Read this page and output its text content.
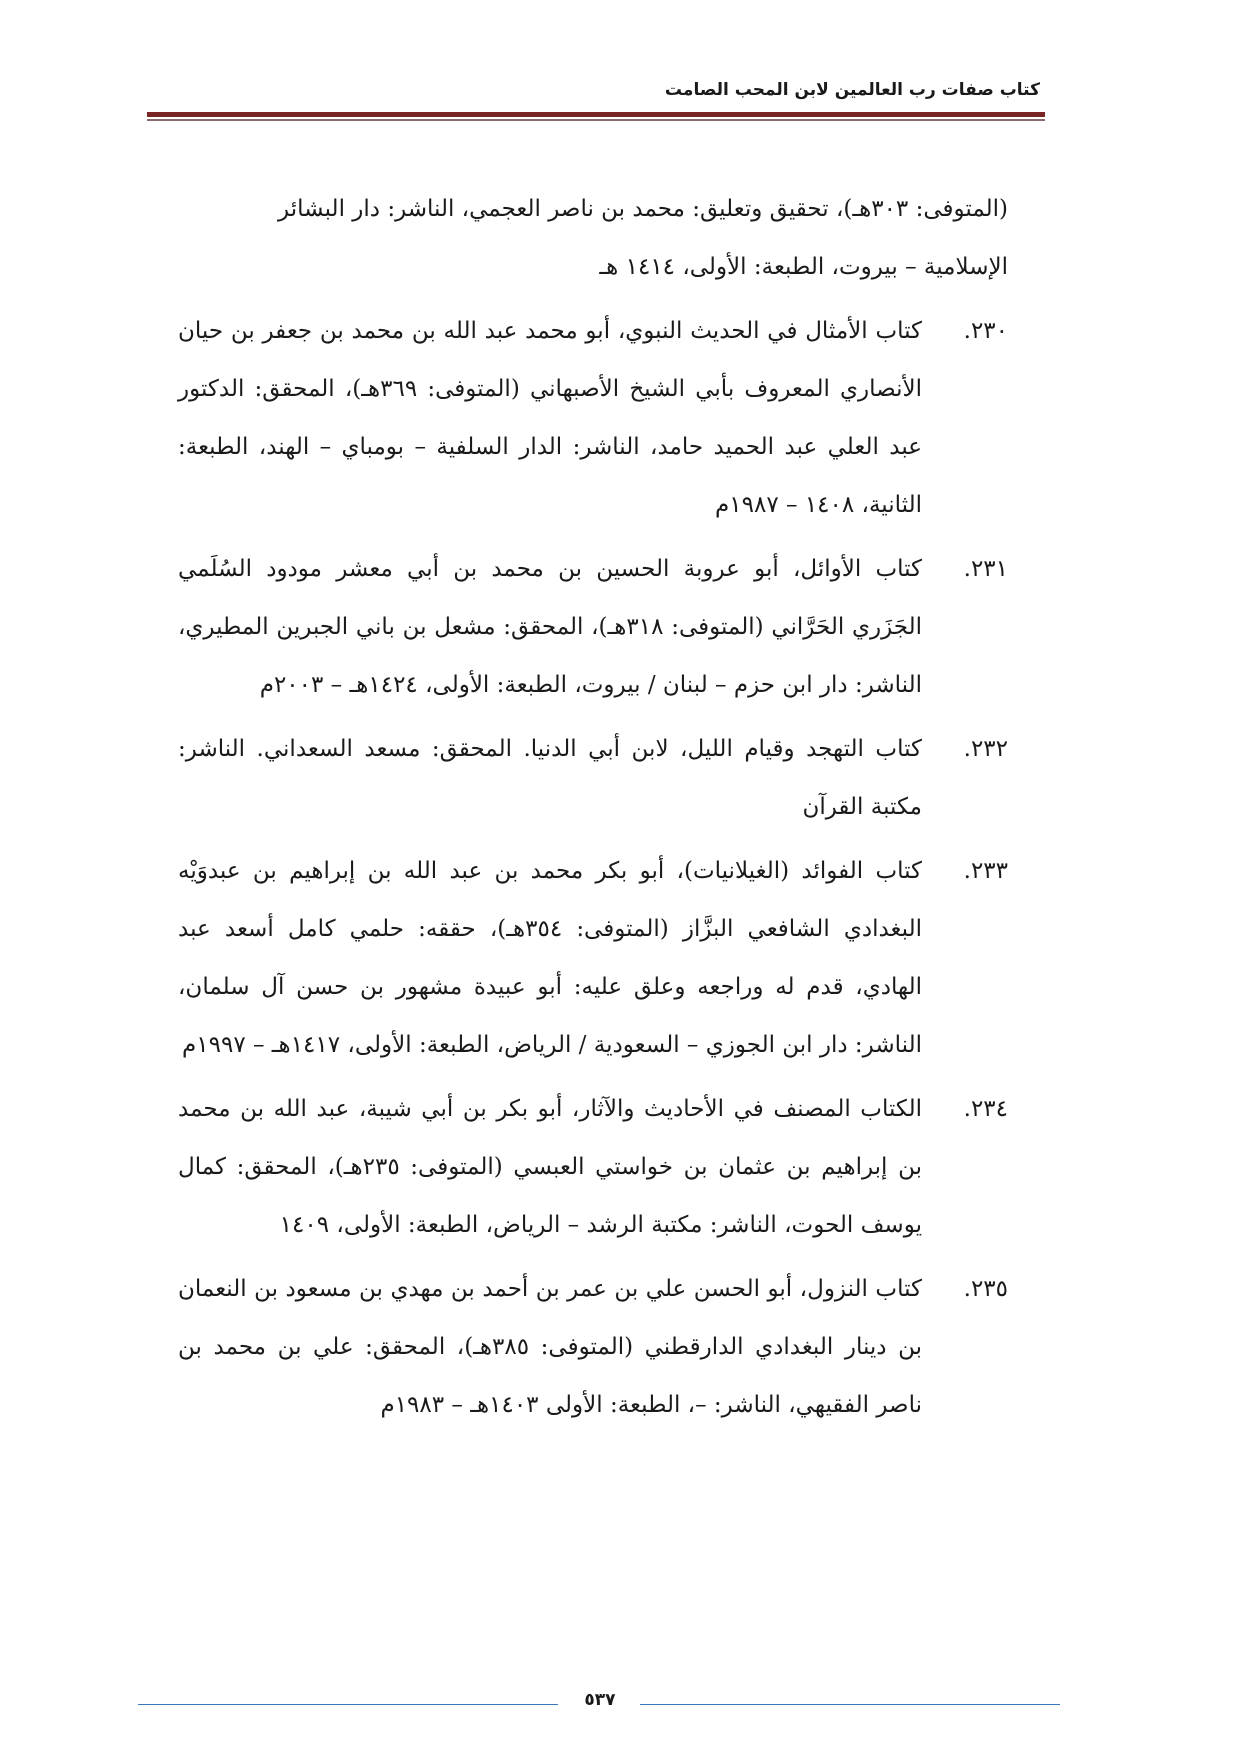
كتاب صفات رب العالمين لابن المحب الصامت
(المتوفى: ٣٠٣هـ)، تحقيق وتعليق: محمد بن ناصر العجمي، الناشر: دار البشائر
الإسلامية – بيروت، الطبعة: الأولى، ١٤١٤ هـ
٢٣٠.
كتاب الأمثال في الحديث النبوي، أبو محمد عبد الله بن محمد بن جعفر بن حيان الأنصاري المعروف بأبي الشيخ الأصبهاني (المتوفى: ٣٦٩هـ)، المحقق: الدكتور عبد العلي عبد الحميد حامد، الناشر: الدار السلفية – بومباي – الهند، الطبعة: الثانية، ١٤٠٨ – ١٩٨٧م
٢٣١.
كتاب الأوائل، أبو عروبة الحسين بن محمد بن أبي معشر مودود السُلَمي الجَزَري الحَرَّاني (المتوفى: ٣١٨هـ)، المحقق: مشعل بن باني الجبرين المطيري، الناشر: دار ابن حزم – لبنان / بيروت، الطبعة: الأولى، ١٤٢٤هـ – ٢٠٠٣م
٢٣٢.
كتاب التهجد وقيام الليل، لابن أبي الدنيا. المحقق: مسعد السعداني. الناشر: مكتبة القرآن
٢٣٣.
كتاب الفوائد (الغيلانيات)، أبو بكر محمد بن عبد الله بن إبراهيم بن عبدوَيْه البغدادي الشافعي البزَّاز (المتوفى: ٣٥٤هـ)، حققه: حلمي كامل أسعد عبد الهادي، قدم له وراجعه وعلق عليه: أبو عبيدة مشهور بن حسن آل سلمان، الناشر: دار ابن الجوزي – السعودية / الرياض، الطبعة: الأولى، ١٤١٧هـ – ١٩٩٧م
٢٣٤.
الكتاب المصنف في الأحاديث والآثار، أبو بكر بن أبي شيبة، عبد الله بن محمد بن إبراهيم بن عثمان بن خواستي العبسي (المتوفى: ٢٣٥هـ)، المحقق: كمال يوسف الحوت، الناشر: مكتبة الرشد – الرياض، الطبعة: الأولى، ١٤٠٩
٢٣٥.
كتاب النزول، أبو الحسن علي بن عمر بن أحمد بن مهدي بن مسعود بن النعمان بن دينار البغدادي الدارقطني (المتوفى: ٣٨٥هـ)، المحقق: علي بن محمد بن ناصر الفقيهي، الناشر: –، الطبعة: الأولى ١٤٠٣هـ – ١٩٨٣م
٥٣٧
